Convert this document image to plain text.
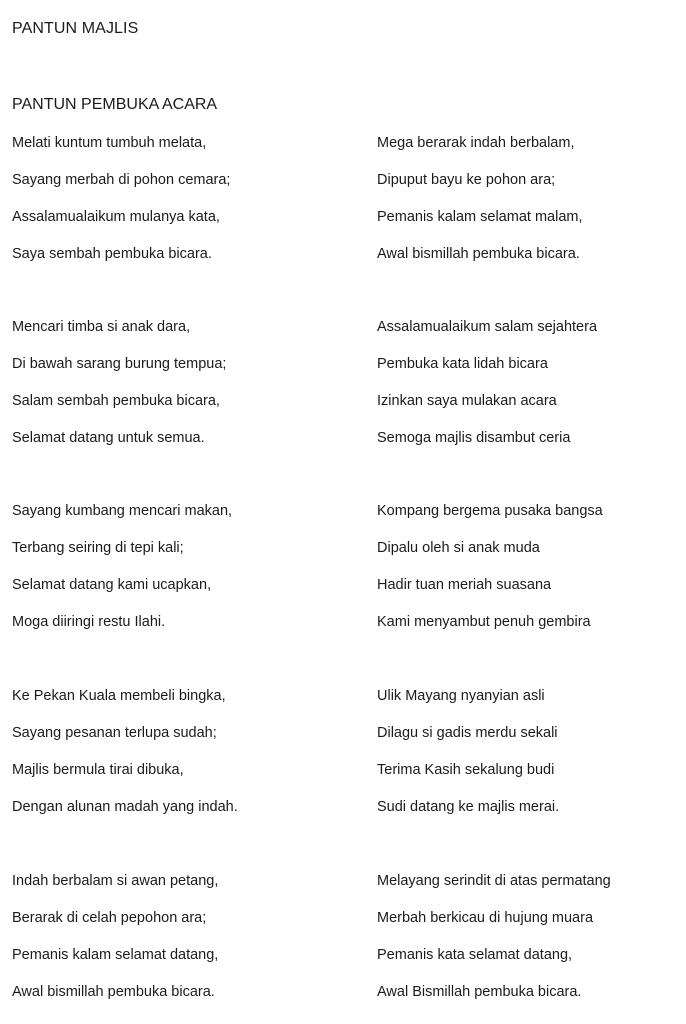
PANTUN MAJLIS
PANTUN PEMBUKA ACARA
Melati kuntum tumbuh melata,
Sayang merbah di pohon cemara;
Assalamualaikum mulanya kata,
Saya sembah pembuka bicara.
Mega berarak indah berbalam,
Dipuput bayu ke pohon ara;
Pemanis kalam selamat malam,
Awal bismillah pembuka bicara.
Mencari timba si anak dara,
Di bawah sarang burung tempua;
Salam sembah pembuka bicara,
Selamat datang untuk semua.
Assalamualaikum salam sejahtera
Pembuka kata lidah bicara
Izinkan saya mulakan acara
Semoga majlis disambut ceria
Sayang kumbang mencari makan,
Terbang seiring di tepi kali;
Selamat datang kami ucapkan,
Moga diiringi restu Ilahi.
Kompang bergema pusaka bangsa
Dipalu oleh si anak muda
Hadir tuan meriah suasana
Kami menyambut penuh gembira
Ke Pekan Kuala membeli bingka,
Sayang pesanan terlupa sudah;
Majlis bermula tirai dibuka,
Dengan alunan madah yang indah.
Ulik Mayang nyanyian asli
Dilagu si gadis merdu sekali
Terima Kasih sekalung budi
Sudi datang ke majlis merai.
Indah berbalam si awan petang,
Berarak di celah pepohon ara;
Pemanis kalam selamat datang,
Awal bismillah pembuka bicara.
Melayang serindit di atas permatang
Merbah berkicau di hujung muara
Pemanis kata selamat datang,
Awal Bismillah pembuka bicara.
